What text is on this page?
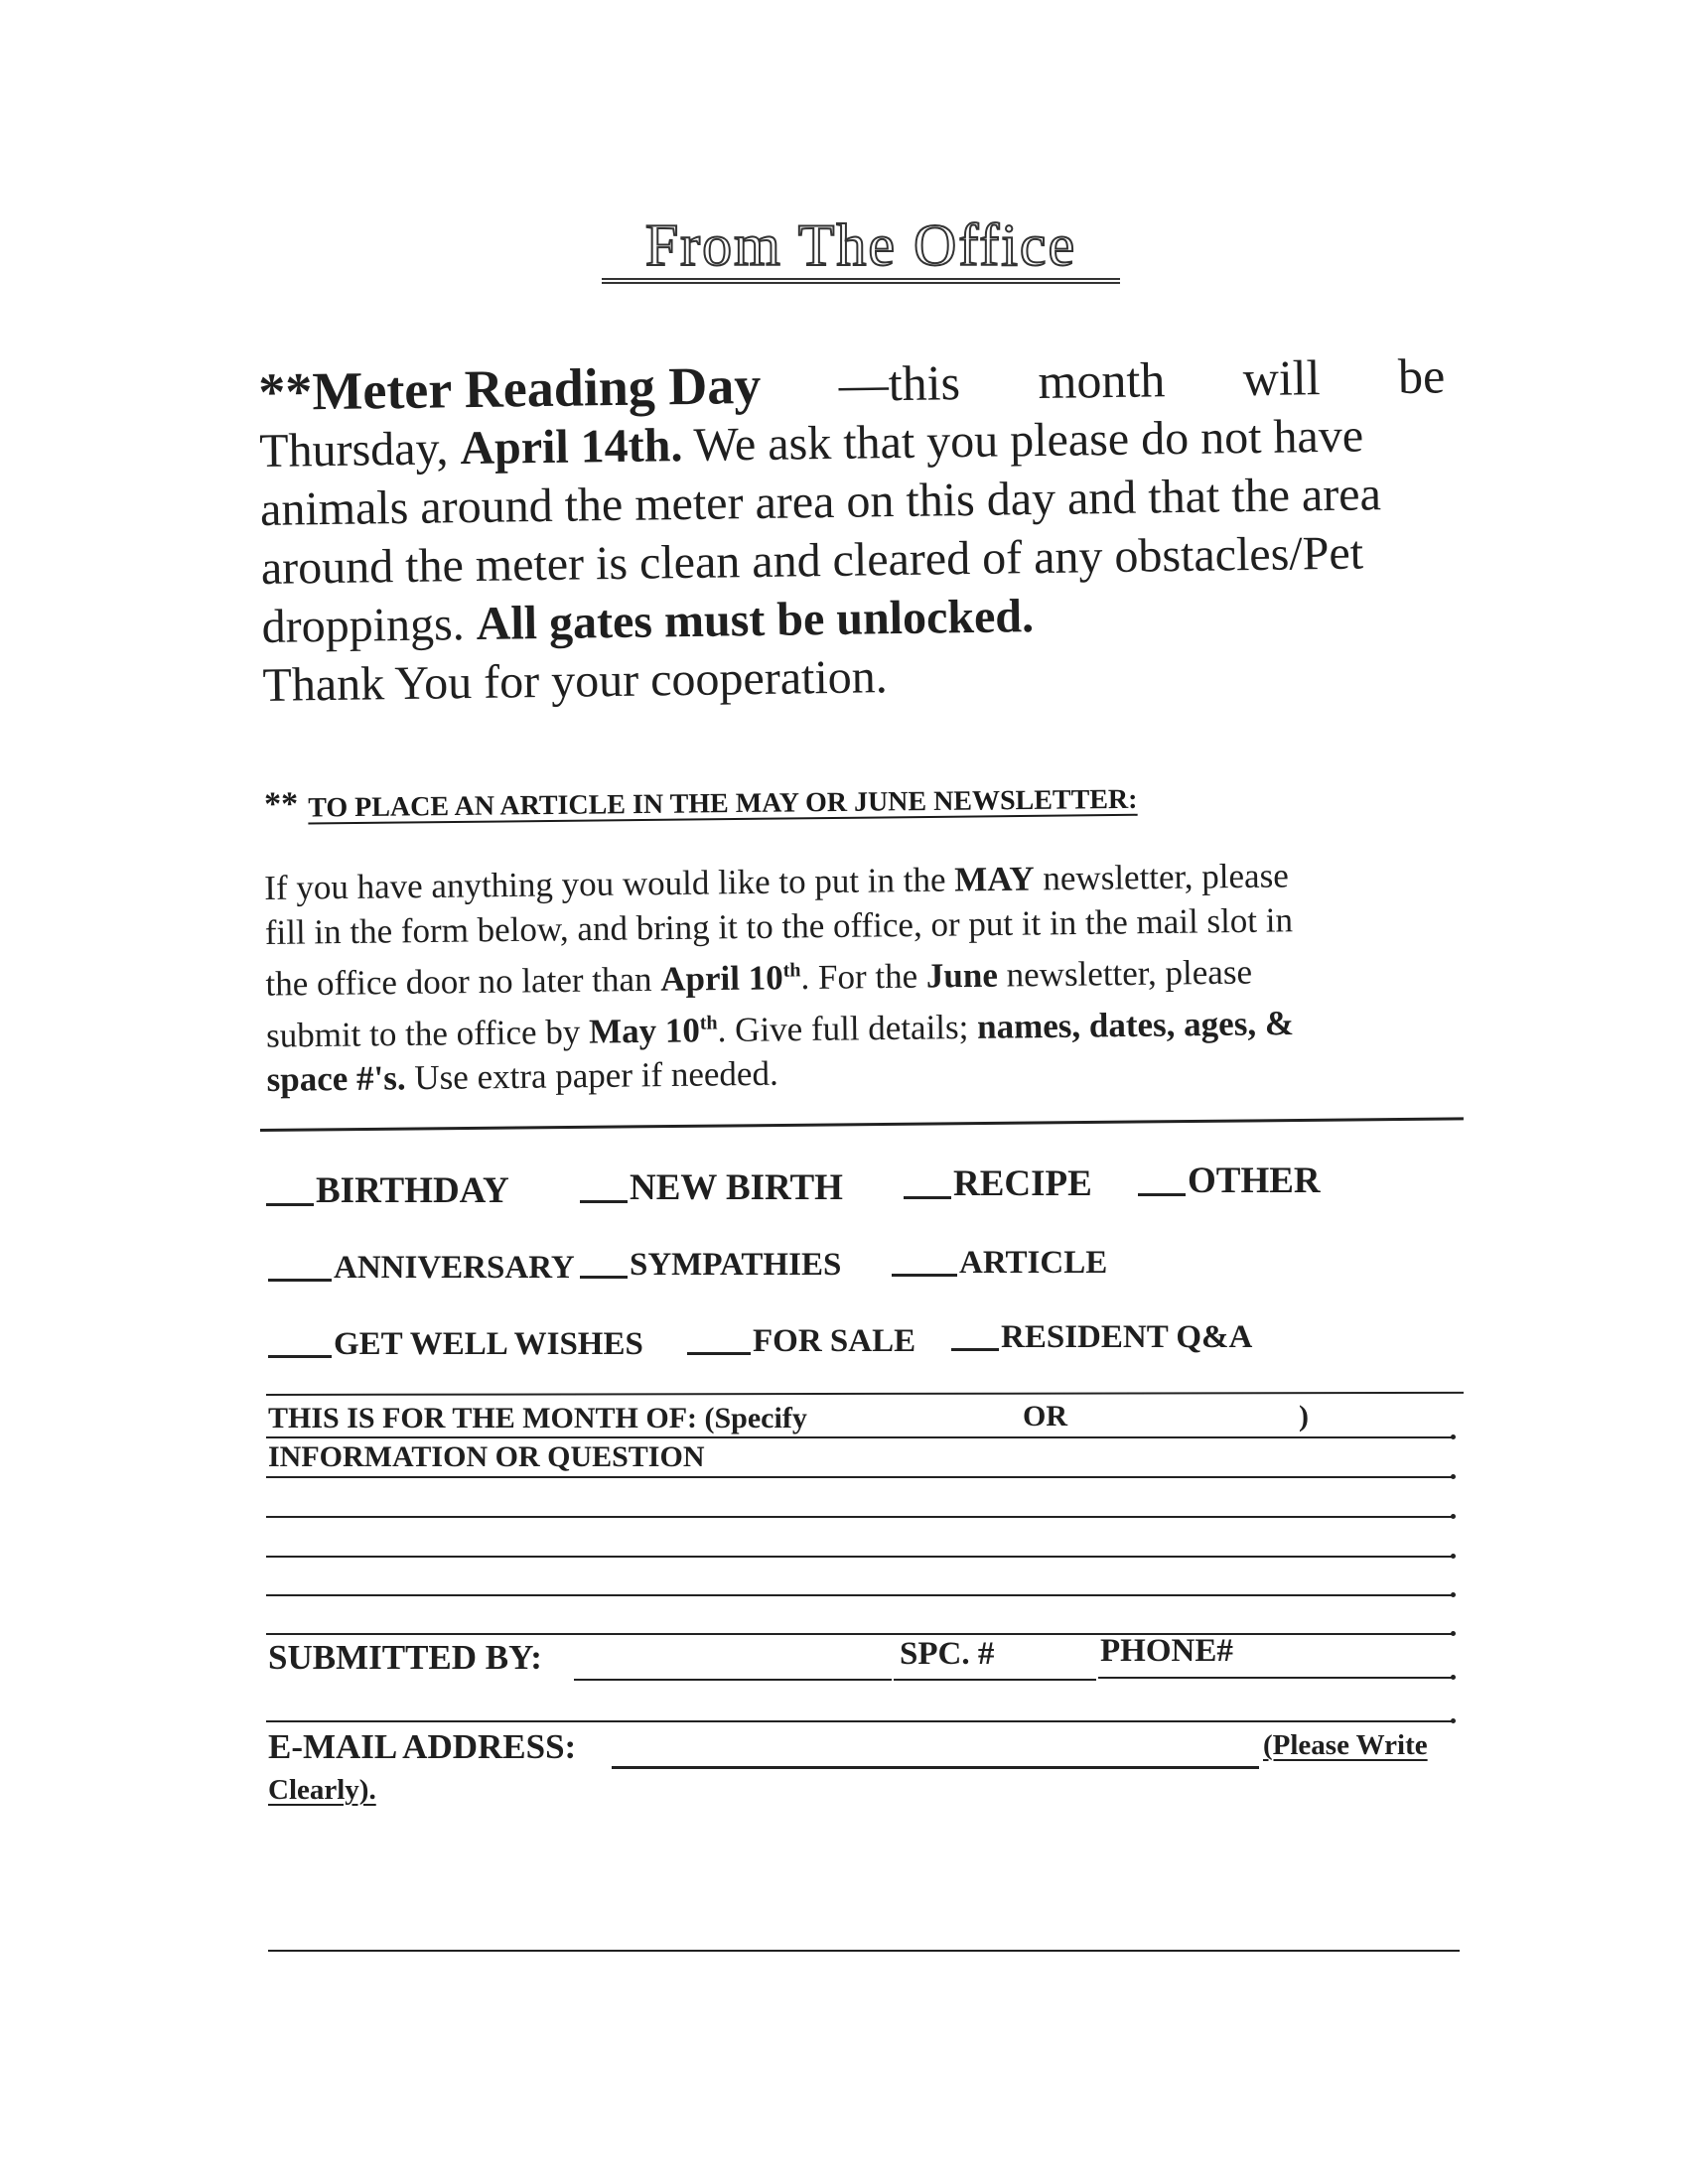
From The Office
**Meter Reading Day —this month will be
Thursday, April 14th. We ask that you please do not have
animals around the meter area on this day and that the area
around the meter is clean and cleared of any obstacles/Pet
droppings. All gates must be unlocked.
Thank You for your cooperation.
** TO PLACE AN ARTICLE IN THE MAY OR JUNE NEWSLETTER:
If you have anything you would like to put in the MAY newsletter, please
fill in the form below, and bring it to the office, or put it in the mail slot in
the office door no later than April 10th. For the June newsletter, please
submit to the office by May 10th. Give full details; names, dates, ages, &
space #'s. Use extra paper if needed.
BIRTHDAY	NEW BIRTH	RECIPE	OTHER
ANNIVERSARY	SYMPATHIES	ARTICLE
GET WELL WISHES	FOR SALE	RESIDENT Q&A
THIS IS FOR THE MONTH OF: (Specify	OR	)
INFORMATION OR QUESTION
SUBMITTED BY:	SPC. #	PHONE#
E-MAIL ADDRESS:	(Please Write
Clearly).
